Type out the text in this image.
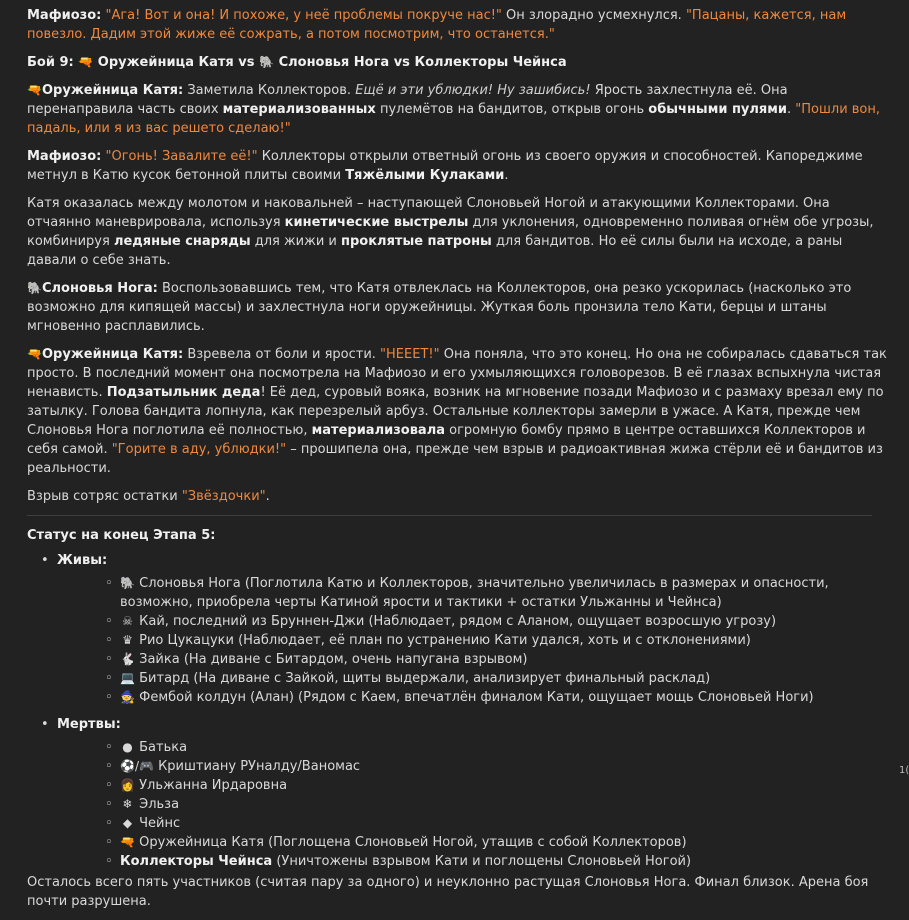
Мафиозо: "Ага! Вот и она! И похоже, у неё проблемы покруче нас!" Он злорадно усмехнулся. "Пацаны, кажется, нам повезло. Дадим этой жиже её сожрать, а потом посмотрим, что останется."

Бой 9: 🔫 Оружейница Катя vs 🐘 Слоновья Нога vs Коллекторы Чейнса

🔫Оружейница Катя: Заметила Коллекторов. Ещё и эти ублюдки! Ну зашибись! Ярость захлестнула её. Она перенаправила часть своих материализованных пулемётов на бандитов, открыв огонь обычными пулями. "Пошли вон, падаль, или я из вас решето сделаю!"

Мафиозо: "Огонь! Завалите её!" Коллекторы открыли ответный огонь из своего оружия и способностей. Капореджиме метнул в Катю кусок бетонной плиты своими Тяжёлыми Кулаками.

Катя оказалась между молотом и наковальней – наступающей Слоновьей Ногой и атакующими Коллекторами. Она отчаянно маневрировала, используя кинетические выстрелы для уклонения, одновременно поливая огнём обе угрозы, комбинируя ледяные снаряды для жижи и проклятые патроны для бандитов. Но её силы были на исходе, а раны давали о себе знать.

🐘Слоновья Нога: Воспользовавшись тем, что Катя отвлеклась на Коллекторов, она резко ускорилась (насколько это возможно для кипящей массы) и захлестнула ноги оружейницы. Жуткая боль пронзила тело Кати, берцы и штаны мгновенно расплавились.

🔫Оружейница Катя: Взревела от боли и ярости. "НЕЕЕТ!" Она поняла, что это конец. Но она не собиралась сдаваться так просто. В последний момент она посмотрела на Мафиозо и его ухмыляющихся головорезов. В её глазах вспыхнула чистая ненависть. Подзатыльник деда! Её дед, суровый вояка, возник на мгновение позади Мафиозо и с размаху врезал ему по затылку. Голова бандита лопнула, как перезрелый арбуз. Остальные коллекторы замерли в ужасе. А Катя, прежде чем Слоновья Нога поглотила её полностью, материализовала огромную бомбу прямо в центре оставшихся Коллекторов и себя самой. "Горите в аду, ублюдки!" – прошипела она, прежде чем взрыв и радиоактивная жижа стёрли её и бандитов из реальности.

Взрыв сотряс остатки "Звёздочки".

Статус на конец Этапа 5:

• Живы:
◦ 🐘 Слоновья Нога (Поглотила Катю и Коллекторов, значительно увеличилась в размерах и опасности, возможно, приобрела черты Катиной ярости и тактики + остатки Ульжанны и Чейнса)
◦ ☠ Кай, последний из Бруннен-Джи (Наблюдает, рядом с Аланом, ощущает возросшую угрозу)
◦ ♛ Рио Цукацуки (Наблюдает, её план по устранению Кати удался, хоть и с отклонениями)
◦ 🐇 Зайка (На диване с Битардом, очень напугана взрывом)
◦ 💻 Битард (На диване с Зайкой, щиты выдержали, анализирует финальный расклад)
◦ 🧙 Фембой колдун (Алан) (Рядом с Каем, впечатлён финалом Кати, ощущает мощь Слоновьей Ноги)
• Мертвы:
◦ ● Батька
◦ ⚽/🎮 Криштиану РУналду/Ваномас
◦ 👩 Ульжанна Ирдаровна
◦ ❄ Эльза
◦ ◆ Чейнс
◦ 🔫 Оружейница Катя (Поглощена Слоновьей Ногой, утащив с собой Коллекторов)
◦ Коллекторы Чейнса (Уничтожены взрывом Кати и поглощены Слоновьей Ногой)

Осталось всего пять участников (считая пару за одного) и неуклонно растущая Слоновья Нога. Финал близок. Арена боя почти разрушена.

1(
